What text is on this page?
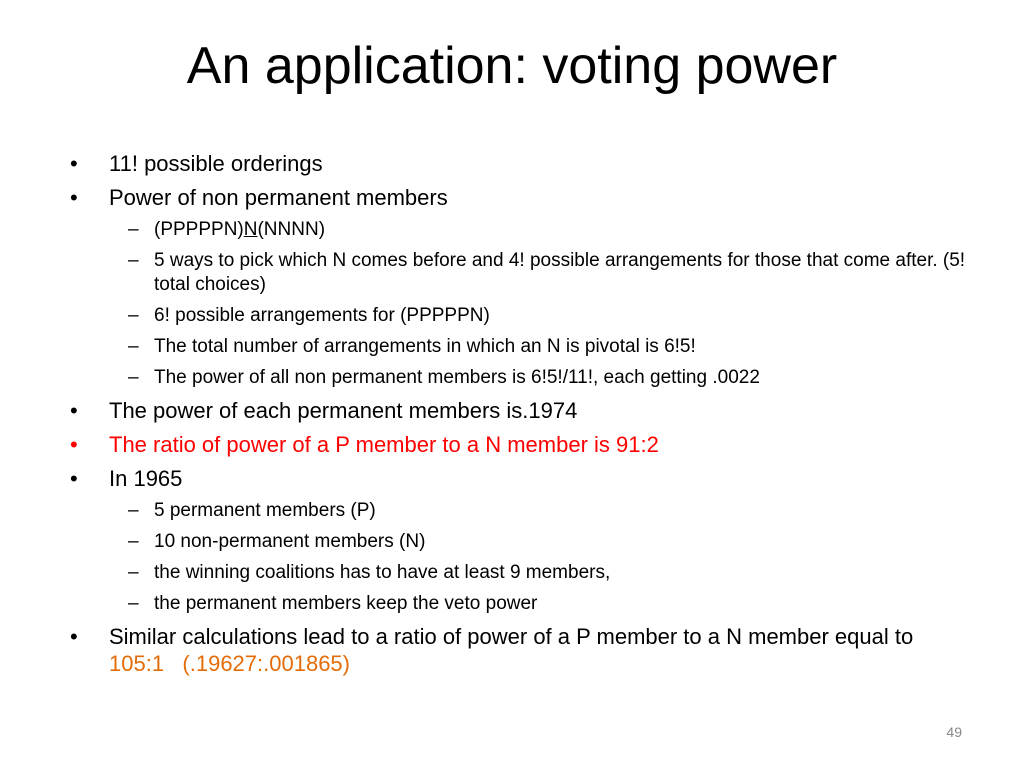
An application: voting power
• 11! possible orderings
• Power of non permanent members
– (PPPPPN)N(NNNN)
– 5 ways to pick which N comes before and 4! possible arrangements for those that come after. (5! total choices)
– 6! possible arrangements for (PPPPPN)
– The total number of arrangements in which an N is pivotal is 6!5!
– The power of all non permanent members is 6!5!/11!, each getting .0022
• The power of each permanent members is.1974
• The ratio of power of a P member to a N member is 91:2
• In 1965
– 5 permanent members (P)
– 10 non-permanent members (N)
– the winning coalitions has to have at least 9 members,
– the permanent members keep the veto power
• Similar calculations lead to a ratio of power of a P member to a N member equal to 105:1 (.19627:.001865)
49
